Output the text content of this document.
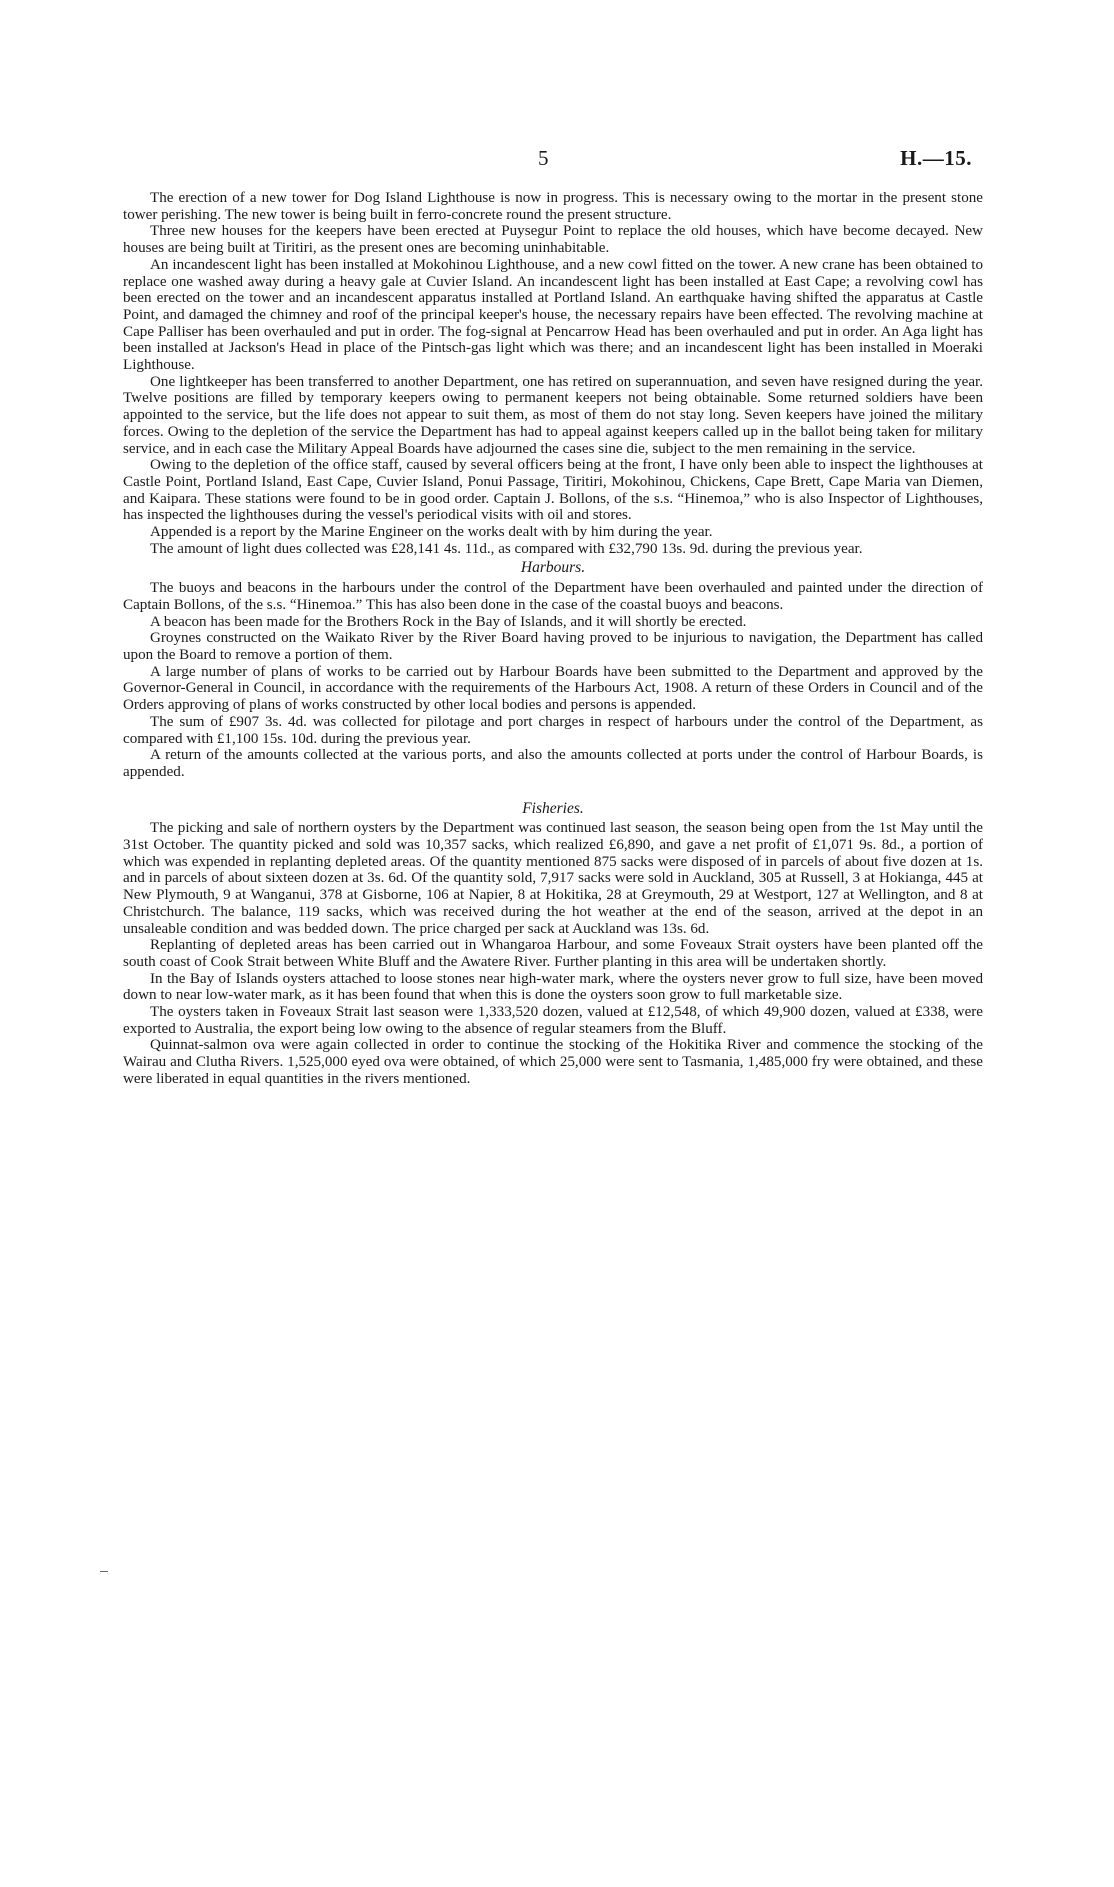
5	H.—15.

The erection of a new tower for Dog Island Lighthouse is now in progress. This is necessary owing to the mortar in the present stone tower perishing. The new tower is being built in ferro-concrete round the present structure.

Three new houses for the keepers have been erected at Puysegur Point to replace the old houses, which have become decayed. New houses are being built at Tiritiri, as the present ones are becoming uninhabitable.

An incandescent light has been installed at Mokohinou Lighthouse, and a new cowl fitted on the tower. A new crane has been obtained to replace one washed away during a heavy gale at Cuvier Island. An incandescent light has been installed at East Cape; a revolving cowl has been erected on the tower and an incandescent apparatus installed at Portland Island. An earthquake having shifted the apparatus at Castle Point, and damaged the chimney and roof of the principal keeper's house, the necessary repairs have been effected. The revolving machine at Cape Palliser has been overhauled and put in order. The fog-signal at Pencarrow Head has been overhauled and put in order. An Aga light has been installed at Jackson's Head in place of the Pintsch-gas light which was there; and an incandescent light has been installed in Moeraki Lighthouse.

One lightkeeper has been transferred to another Department, one has retired on superannuation, and seven have resigned during the year. Twelve positions are filled by temporary keepers owing to permanent keepers not being obtainable. Some returned soldiers have been appointed to the service, but the life does not appear to suit them, as most of them do not stay long. Seven keepers have joined the military forces. Owing to the depletion of the service the Department has had to appeal against keepers called up in the ballot being taken for military service, and in each case the Military Appeal Boards have adjourned the cases sine die, subject to the men remaining in the service.

Owing to the depletion of the office staff, caused by several officers being at the front, I have only been able to inspect the lighthouses at Castle Point, Portland Island, East Cape, Cuvier Island, Ponui Passage, Tiritiri, Mokohinou, Chickens, Cape Brett, Cape Maria van Diemen, and Kaipara. These stations were found to be in good order. Captain J. Bollons, of the s.s. “Hinemoa,” who is also Inspector of Lighthouses, has inspected the lighthouses during the vessel's periodical visits with oil and stores.

Appended is a report by the Marine Engineer on the works dealt with by him during the year.

The amount of light dues collected was £28,141 4s. 11d., as compared with £32,790 13s. 9d. during the previous year.

Harbours.

The buoys and beacons in the harbours under the control of the Department have been overhauled and painted under the direction of Captain Bollons, of the s.s. “Hinemoa.” This has also been done in the case of the coastal buoys and beacons.

A beacon has been made for the Brothers Rock in the Bay of Islands, and it will shortly be erected.

Groynes constructed on the Waikato River by the River Board having proved to be injurious to navigation, the Department has called upon the Board to remove a portion of them.

A large number of plans of works to be carried out by Harbour Boards have been submitted to the Department and approved by the Governor-General in Council, in accordance with the requirements of the Harbours Act, 1908. A return of these Orders in Council and of the Orders approving of plans of works constructed by other local bodies and persons is appended.

The sum of £907 3s. 4d. was collected for pilotage and port charges in respect of harbours under the control of the Department, as compared with £1,100 15s. 10d. during the previous year.

A return of the amounts collected at the various ports, and also the amounts collected at ports under the control of Harbour Boards, is appended.

Fisheries.

The picking and sale of northern oysters by the Department was continued last season, the season being open from the 1st May until the 31st October. The quantity picked and sold was 10,357 sacks, which realized £6,890, and gave a net profit of £1,071 9s. 8d., a portion of which was expended in replanting depleted areas. Of the quantity mentioned 875 sacks were disposed of in parcels of about five dozen at 1s. and in parcels of about sixteen dozen at 3s. 6d. Of the quantity sold, 7,917 sacks were sold in Auckland, 305 at Russell, 3 at Hokianga, 445 at New Plymouth, 9 at Wanganui, 378 at Gisborne, 106 at Napier, 8 at Hokitika, 28 at Greymouth, 29 at Westport, 127 at Wellington, and 8 at Christchurch. The balance, 119 sacks, which was received during the hot weather at the end of the season, arrived at the depot in an unsaleable condition and was bedded down. The price charged per sack at Auckland was 13s. 6d.

Replanting of depleted areas has been carried out in Whangaroa Harbour, and some Foveaux Strait oysters have been planted off the south coast of Cook Strait between White Bluff and the Awatere River. Further planting in this area will be undertaken shortly.

In the Bay of Islands oysters attached to loose stones near high-water mark, where the oysters never grow to full size, have been moved down to near low-water mark, as it has been found that when this is done the oysters soon grow to full marketable size.

The oysters taken in Foveaux Strait last season were 1,333,520 dozen, valued at £12,548, of which 49,900 dozen, valued at £338, were exported to Australia, the export being low owing to the absence of regular steamers from the Bluff.

Quinnat-salmon ova were again collected in order to continue the stocking of the Hokitika River and commence the stocking of the Wairau and Clutha Rivers. 1,525,000 eyed ova were obtained, of which 25,000 were sent to Tasmania, 1,485,000 fry were obtained, and these were liberated in equal quantities in the rivers mentioned.
